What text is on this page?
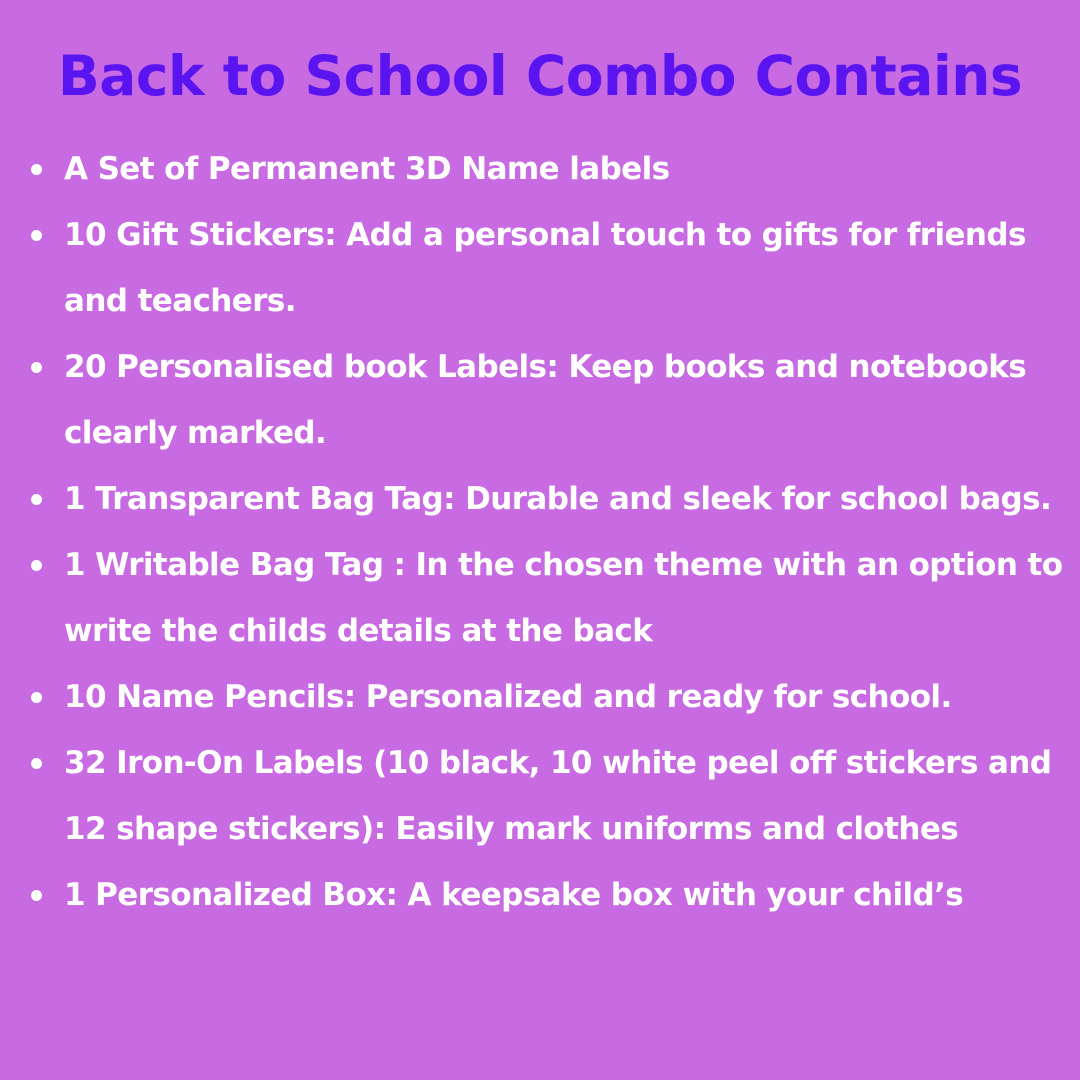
Back to School Combo Contains
A Set of Permanent 3D Name labels
10 Gift Stickers: Add a personal touch to gifts for friends and teachers.
20 Personalised book Labels: Keep books and notebooks clearly marked.
1 Transparent Bag Tag: Durable and sleek for school bags.
1 Writable Bag Tag : In the chosen theme with an option to write the childs details at the back
10 Name Pencils: Personalized and ready for school.
32 Iron-On Labels (10 black, 10 white peel off stickers and 12 shape stickers): Easily mark uniforms and clothes
1 Personalized Box: A keepsake box with your child’s
